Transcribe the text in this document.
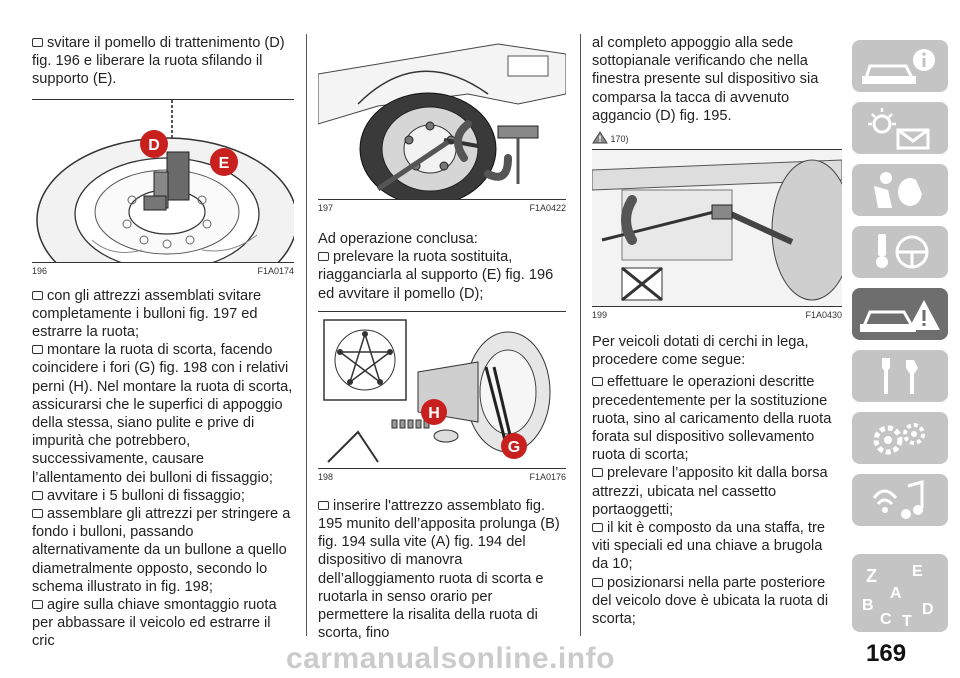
svitare il pomello di trattenimento (D) fig. 196 e liberare la ruota sfilando il supporto (E).

D
E
196	F1A0174

con gli attrezzi assemblati svitare completamente i bulloni fig. 197 ed estrarre la ruota;

montare la ruota di scorta, facendo coincidere i fori (G) fig. 198 con i relativi perni (H). Nel montare la ruota di scorta, assicurarsi che le superfici di appoggio della stessa, siano pulite e prive di impurità che potrebbero, successivamente, causare l’allentamento dei bulloni di fissaggio;

avvitare i 5 bulloni di fissaggio;

assemblare gli attrezzi per stringere a fondo i bulloni, passando alternativamente da un bullone a quello diametralmente opposto, secondo lo schema illustrato in fig. 198;

agire sulla chiave smontaggio ruota per abbassare il veicolo ed estrarre il cric

197	F1A0422

Ad operazione conclusa:

prelevare la ruota sostituita, riagganciarla al supporto (E) fig. 196 ed avvitare il pomello (D);

H
G
198	F1A0176

inserire l'attrezzo assemblato fig. 195 munito dell’apposita prolunga (B) fig. 194 sulla vite (A) fig. 194 del dispositivo di manovra dell’alloggiamento ruota di scorta e ruotarla in senso orario per permettere la risalita della ruota di scorta, fino

al completo appoggio alla sede sottopianale verificando che nella finestra presente sul dispositivo sia comparsa la tacca di avvenuto aggancio (D) fig. 195.

170)
199	F1A0430

Per veicoli dotati di cerchi in lega, procedere come segue:

effettuare le operazioni descritte precedentemente per la sostituzione ruota, sino al caricamento della ruota forata sul dispositivo sollevamento ruota di scorta;

prelevare l’apposito kit dalla borsa attrezzi, ubicata nel cassetto portaoggetti;

il kit è composto da una staffa, tre viti speciali ed una chiave a brugola da 10;

posizionarsi nella parte posteriore del veicolo dove è ubicata la ruota di scorta;

Z E
A
B	D
C T
carmanualsonline.info	169
